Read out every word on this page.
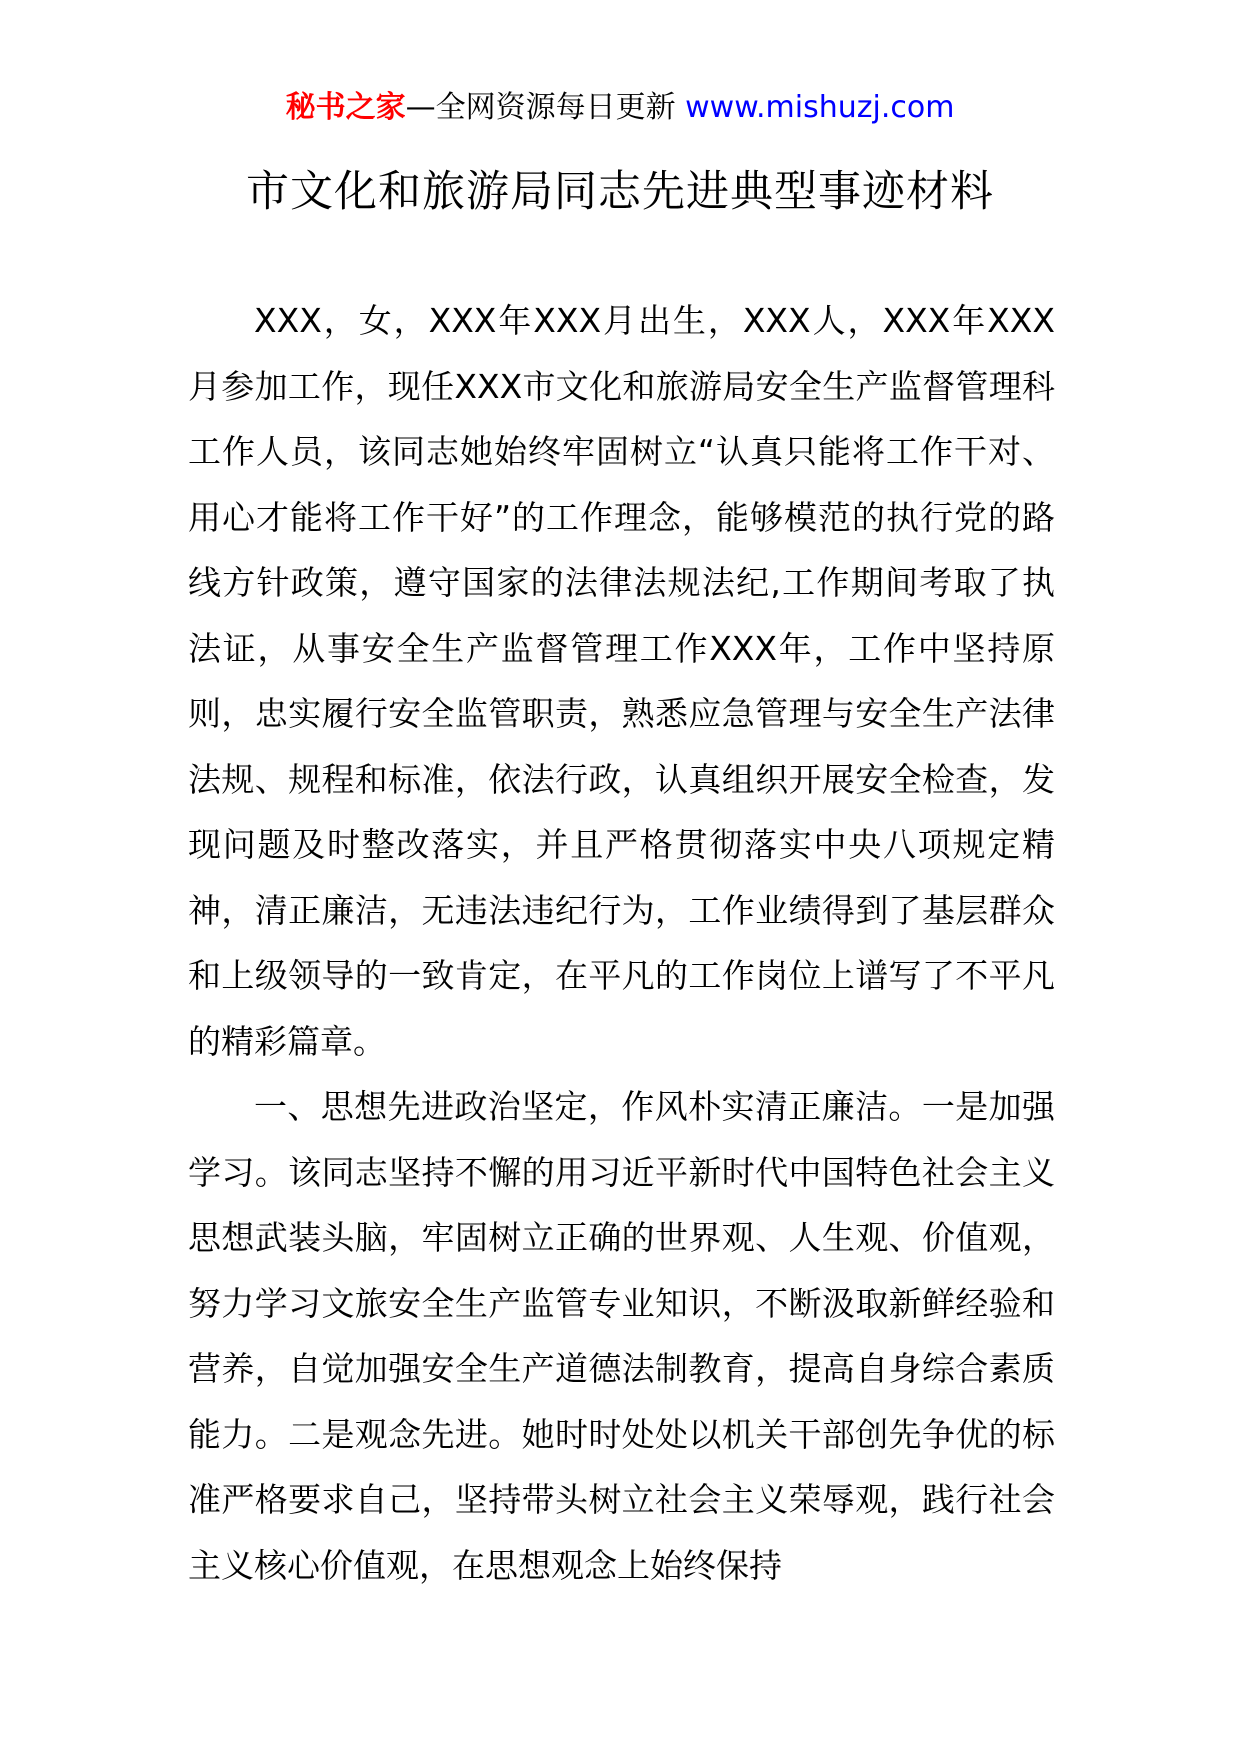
秘书之家—全网资源每日更新 www.mishuzj.com
市文化和旅游局同志先进典型事迹材料

XXX，女，XXX年XXX月出生，XXX人，XXX年XXX月参加工作，现任XXX市文化和旅游局安全生产监督管理科工作人员，该同志她始终牢固树立“认真只能将工作干对、用心才能将工作干好”的工作理念，能够模范的执行党的路线方针政策，遵守国家的法律法规法纪,工作期间考取了执法证，从事安全生产监督管理工作XXX年，工作中坚持原则，忠实履行安全监管职责，熟悉应急管理与安全生产法律法规、规程和标准，依法行政，认真组织开展安全检查，发现问题及时整改落实，并且严格贯彻落实中央八项规定精神，清正廉洁，无违法违纪行为，工作业绩得到了基层群众和上级领导的一致肯定，在平凡的工作岗位上谱写了不平凡的精彩篇章。

一、思想先进政治坚定，作风朴实清正廉洁。一是加强学习。该同志坚持不懈的用习近平新时代中国特色社会主义思想武装头脑，牢固树立正确的世界观、人生观、价值观，努力学习文旅安全生产监管专业知识，不断汲取新鲜经验和营养，自觉加强安全生产道德法制教育，提高自身综合素质能力。二是观念先进。她时时处处以机关干部创先争优的标准严格要求自己，坚持带头树立社会主义荣辱观，践行社会主义核心价值观，在思想观念上始终保持
